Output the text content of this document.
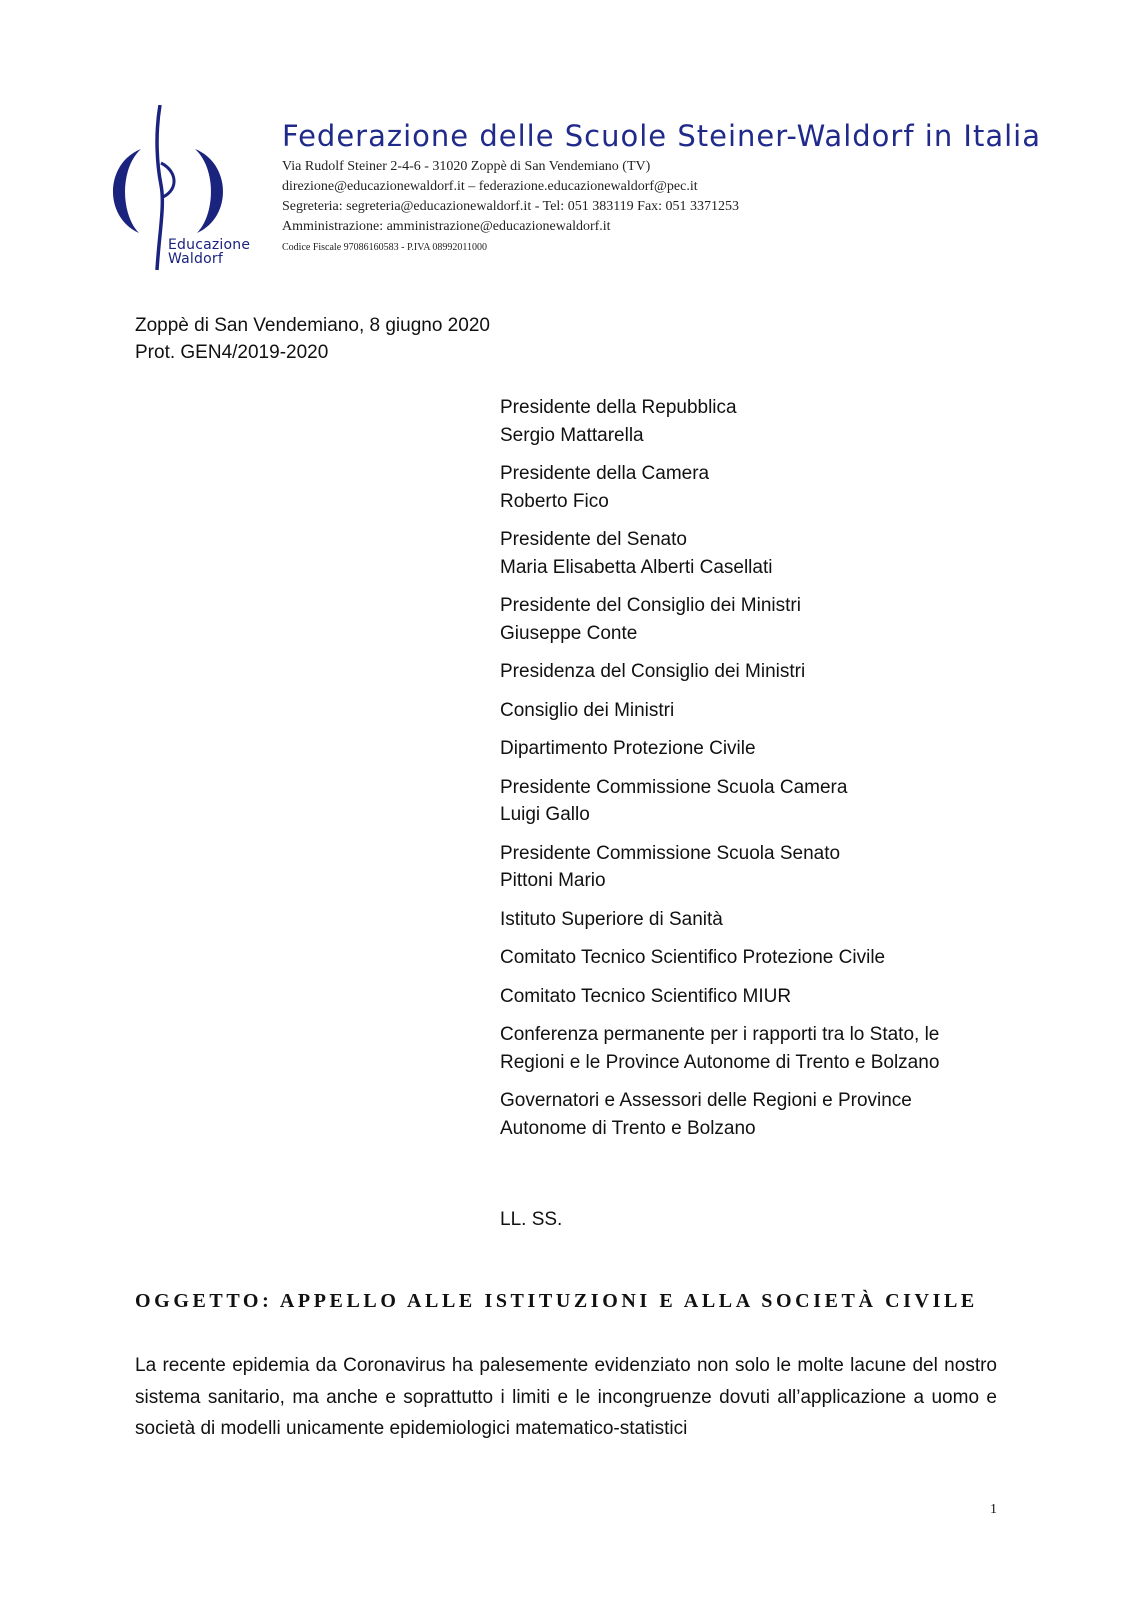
Educazione
Waldorf
Federazione delle Scuole Steiner-Waldorf in Italia
Via Rudolf Steiner 2-4-6 - 31020 Zoppè di San Vendemiano (TV)
direzione@educazionewaldorf.it – federazione.educazionewaldorf@pec.it
Segreteria: segreteria@educazionewaldorf.it - Tel: 051 383119 Fax: 051 3371253
Amministrazione: amministrazione@educazionewaldorf.it
Codice Fiscale 97086160583 - P.IVA 08992011000
Zoppè di San Vendemiano, 8 giugno 2020
Prot. GEN4/2019-2020
Presidente della Repubblica
Sergio Mattarella
Presidente della Camera
Roberto Fico
Presidente del Senato
Maria Elisabetta Alberti Casellati
Presidente del Consiglio dei Ministri
Giuseppe Conte
Presidenza del Consiglio dei Ministri
Consiglio dei Ministri
Dipartimento Protezione Civile
Presidente Commissione Scuola Camera
Luigi Gallo
Presidente Commissione Scuola Senato
Pittoni Mario
Istituto Superiore di Sanità
Comitato Tecnico Scientifico Protezione Civile
Comitato Tecnico Scientifico MIUR
Conferenza permanente per i rapporti tra lo Stato, le
Regioni e le Province Autonome di Trento e Bolzano
Governatori e Assessori delle Regioni e Province
Autonome di Trento e Bolzano
LL. SS.
OGGETTO: APPELLO ALLE ISTITUZIONI E ALLA SOCIETÀ CIVILE
La recente epidemia da Coronavirus ha palesemente evidenziato non solo le molte lacune del nostro sistema sanitario, ma anche e soprattutto i limiti e le incongruenze dovuti all’applicazione a uomo e società di modelli unicamente epidemiologici matematico-statistici
1
